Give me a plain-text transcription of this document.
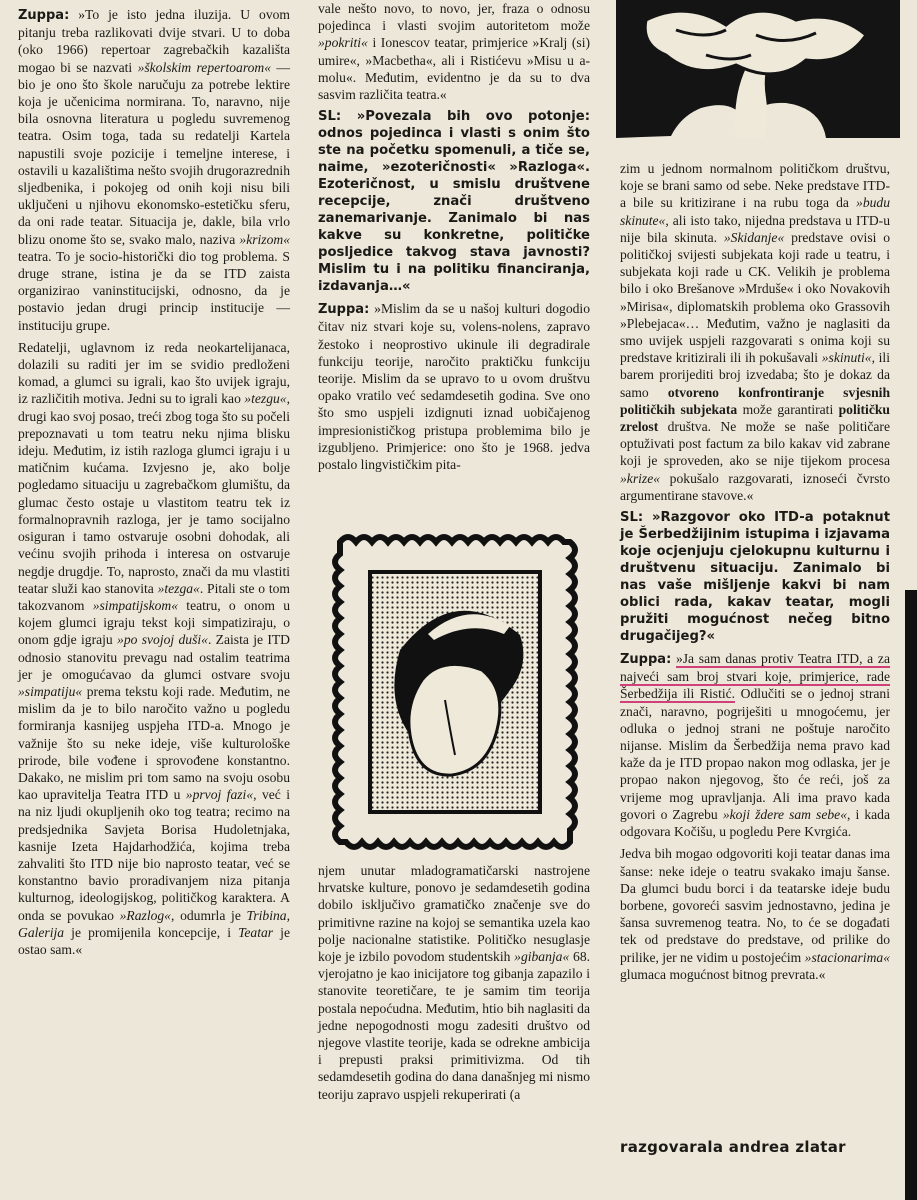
Zuppa: »To je isto jedna iluzija. U ovom pitanju treba razlikovati dvije stvari. U to doba (oko 1966) repertoar zagrebačkih kazališta mogao bi se nazvati »školskim repertoarom« — bio je ono što škole naručuju za potrebe lektire koja je učenicima normirana. To, naravno, nije bila osnovna literatura u pogledu suvremenog teatra. Osim toga, tada su redatelji Kartela napustili svoje pozicije i temeljne interese, i ostavili u kazalištima nešto svojih drugorazrednih sljedbenika, i pokojeg od onih koji nisu bili uključeni u njihovu ekonomsko-estetičku sferu, da oni rade teatar. Situacija je, dakle, bila vrlo blizu onome što se, svako malo, naziva »krizom« teatra. To je socio-historički dio tog problema. S druge strane, istina je da se ITD zaista organizirao vaninstitucijski, odnosno, da je postavio jedan drugi princip institucije — instituciju grupe.

Redatelji, uglavnom iz reda neokartelijanaca, dolazili su raditi jer im se svidio predloženi komad, a glumci su igrali, kao što uvijek igraju, iz različitih motiva. Jedni su to igrali kao »tezgu«, drugi kao svoj posao, treći zbog toga što su počeli prepoznavati u tom teatru neku njima blisku ideju. Međutim, iz istih razloga glumci igraju i u matičnim kućama. Izvjesno je, ako bolje pogledamo situaciju u zagrebačkom glumištu, da glumac često ostaje u vlastitom teatru tek iz formalnopravnih razloga, jer je tamo socijalno osiguran i tamo ostvaruje osobni dohodak, ali većinu svojih prihoda i interesa on ostvaruje negdje drugdje. To, naprosto, znači da mu vlastiti teatar služi kao stanovita »tezga«. Pitali ste o tom takozvanom »simpatijskom« teatru, o onom u kojem glumci igraju tekst koji simpatiziraju, o onom gdje igraju »po svojoj duši«. Zaista je ITD odnosio stanovitu prevagu nad ostalim teatrima jer je omogućavao da glumci ostvare svoju »simpatiju« prema tekstu koji rade. Međutim, ne mislim da je to bilo naročito važno u pogledu formiranja kasnijeg uspjeha ITD-a. Mnogo je važnije što su neke ideje, više kulturološke prirode, bile vođene i sprovođene konstantno. Dakako, ne mislim pri tom samo na svoju osobu kao upravitelja Teatra ITD u »prvoj fazi«, već i na niz ljudi okupljenih oko tog teatra; recimo na predsjednika Savjeta Borisa Hudoletnjaka, kasnije Izeta Hajdarhodžića, kojima treba zahvaliti što ITD nije bio naprosto teatar, već se konstantno bavio proradivanjem niza pitanja kulturnog, ideologijskog, političkog karaktera. A onda se povukao »Razlog«, odumrla je Tribina, Galerija je promijenila koncepcije, i Teatar je ostao sam.«

vale nešto novo, to novo, jer, fraza o odnosu pojedinca i vlasti svojim autoritetom može »pokriti« i Ionescov teatar, primjerice »Kralj (si) umire«, »Macbetha«, ali i Ristićevu »Misu u a-molu«. Međutim, evidentno je da su to dva sasvim različita teatra.«

SL: »Povezala bih ovo potonje: odnos pojedinca i vlasti s onim što ste na početku spomenuli, a tiče se, naime, »ezoteričnosti« »Razloga«. Ezoteričnost, u smislu društvene recepcije, znači društveno zanemarivanje. Zanimalo bi nas kakve su konkretne, političke posljedice takvog stava javnosti? Mislim tu i na politiku financiranja, izdavanja…«

Zuppa: »Mislim da se u našoj kulturi dogodio čitav niz stvari koje su, volens-nolens, zapravo žestoko i neoprostivo ukinule ili degradirale funkciju teorije, naročito praktičku funkciju teorije. Mislim da se upravo to u ovom društvu opako vratilo već sedamdesetih godina. Sve ono što smo uspjeli izdignuti iznad uobičajenog impresionističkog pristupa problemima bilo je izgubljeno. Primjerice: ono što je 1968. jedva postalo lingvističkim pita-

njem unutar mladogramatičarski nastrojene hrvatske kulture, ponovo je sedamdesetih godina dobilo isključivo gramatičko značenje sve do primitivne razine na kojoj se semantika uzela kao polje nacionalne statistike. Političko nesuglasje koje je izbilo povodom studentskih »gibanja« 68. vjerojatno je kao inicijatore tog gibanja zapazilo i stanovite teoretičare, te je samim tim teorija postala nepoćudna. Međutim, htio bih naglasiti da jedne nepogodnosti mogu zadesiti društvo od njegove vlastite teorije, kada se odrekne ambicija i prepusti praksi primitivizma. Od tih sedamdesetih godina do dana današnjeg mi nismo teoriju zapravo uspjeli rekuperirati (a

zim u jednom normalnom političkom društvu, koje se brani samo od sebe. Neke predstave ITD-a bile su kritizirane i na rubu toga da »budu skinute«, ali isto tako, nijedna predstava u ITD-u nije bila skinuta. »Skidanje« predstave ovisi o političkoj svijesti subjekata koji rade u teatru, i subjekata koji rade u CK. Velikih je problema bilo i oko Brešanove »Mrduše« i oko Novakovih »Mirisa«, diplomatskih problema oko Grassovih »Plebejaca«… Međutim, važno je naglasiti da smo uvijek uspjeli razgovarati s onima koji su predstave kritizirali ili ih pokušavali »skinuti«, ili barem prorijediti broj izvedaba; što je dokaz da samo otvoreno konfrontiranje svjesnih političkih subjekata može garantirati političku zrelost društva. Ne može se naše političare optuživati post factum za bilo kakav vid zabrane koji je sproveden, ako se nije tijekom procesa »krize« pokušalo razgovarati, iznoseći čvrsto argumentirane stavove.«

SL: »Razgovor oko ITD-a potaknut je Šerbedžijinim istupima i izjavama koje ocjenjuju cjelokupnu kulturnu i društvenu situaciju. Zanimalo bi nas vaše mišljenje kakvi bi nam oblici rada, kakav teatar, mogli pružiti mogućnost nečeg bitno drugačijeg?«

Zuppa: »Ja sam danas protiv Teatra ITD, a za najveći sam broj stvari koje, primjerice, rade Šerbedžija ili Ristić. Odlučiti se o jednoj strani znači, naravno, pogriješiti u mnogoćemu, jer odluka o jednoj strani ne poštuje naročito nijanse. Mislim da Šerbedžija nema pravo kad kaže da je ITD propao nakon mog odlaska, jer je propao nakon njegovog, što će reći, još za vrijeme mog upravljanja. Ali ima pravo kada govori o Zagrebu »koji ždere sam sebe«, i kada odgovara Kočišu, u pogledu Pere Kvrgića.

Jedva bih mogao odgovoriti koji teatar danas ima šanse: neke ideje o teatru svakako imaju šanse. Da glumci budu borci i da teatarske ideje budu borbene, govoreći sasvim jednostavno, jedina je šansa suvremenog teatra. No, to će se događati tek od predstave do predstave, od prilike do prilike, jer ne vidim u postojećim »stacionarima« glumaca mogućnost bitnog prevrata.«

razgovarala andrea zlatar
